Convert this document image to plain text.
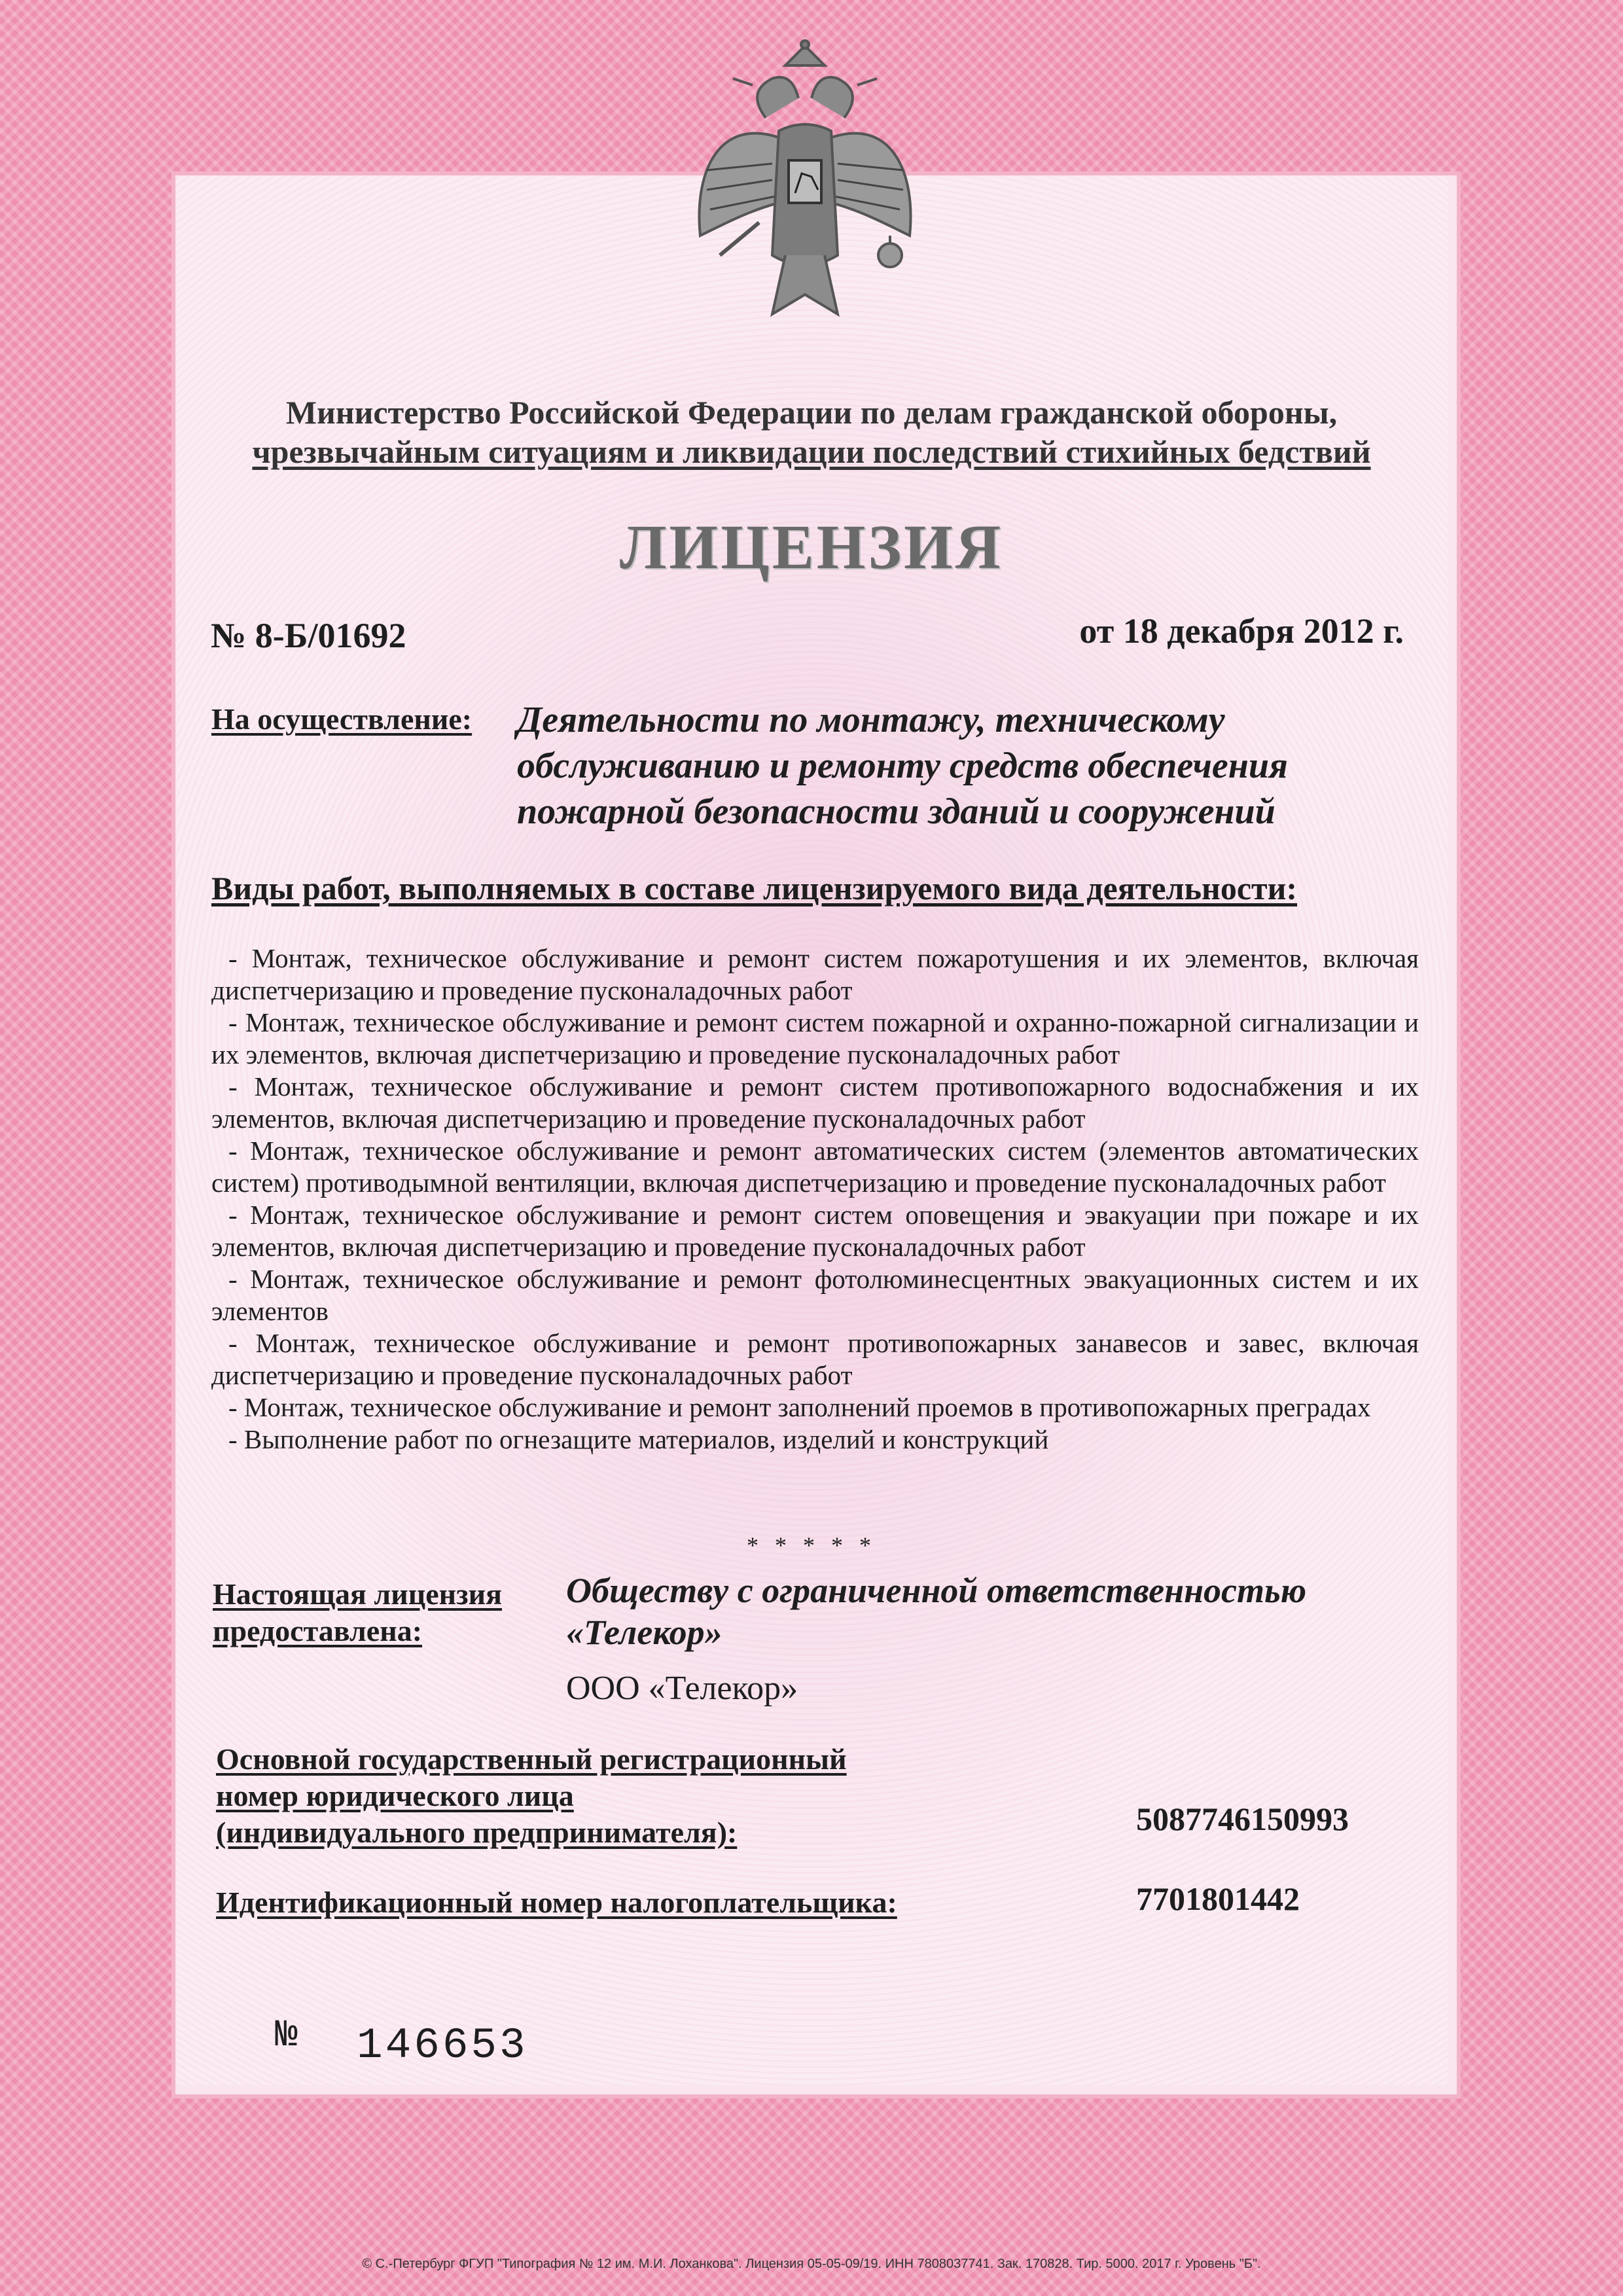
Министерство Российской Федерации по делам гражданской обороны,
чрезвычайным ситуациям и ликвидации последствий стихийных бедствий
ЛИЦЕНЗИЯ
№ 8-Б/01692	от 18 декабря 2012 г.
На осуществление: Деятельности по монтажу, техническому
обслуживанию и ремонту средств обеспечения
пожарной безопасности зданий и сооружений
Виды работ, выполняемых в составе лицензируемого вида деятельности:

- Монтаж, техническое обслуживание и ремонт систем пожаротушения и их элементов, включая диспетчеризацию и проведение пусконаладочных работ

- Монтаж, техническое обслуживание и ремонт систем пожарной и охранно-пожарной сигнализации и их элементов, включая диспетчеризацию и проведение пусконаладочных работ

- Монтаж, техническое обслуживание и ремонт систем противопожарного водоснабжения и их элементов, включая диспетчеризацию и проведение пусконаладочных работ

- Монтаж, техническое обслуживание и ремонт автоматических систем (элементов автоматических систем) противодымной вентиляции, включая диспетчеризацию и проведение пусконаладочных работ

- Монтаж, техническое обслуживание и ремонт систем оповещения и эвакуации при пожаре и их элементов, включая диспетчеризацию и проведение пусконаладочных работ

- Монтаж, техническое обслуживание и ремонт фотолюминесцентных эвакуационных систем и их элементов

- Монтаж, техническое обслуживание и ремонт противопожарных занавесов и завес, включая диспетчеризацию и проведение пусконаладочных работ

- Монтаж, техническое обслуживание и ремонт заполнений проемов в противопожарных преградах

- Выполнение работ по огнезащите материалов, изделий и конструкций

* * * * *
Настоящая лицензия
предоставлена:
Обществу с ограниченной ответственностью
«Телекор»
ООО «Телекор»
Основной государственный регистрационный
номер юридического лица
(индивидуального предпринимателя):	5087746150993
Идентификационный номер налогоплательщика:	7701801442
№ 146653
© С.-Петербург ФГУП "Типография № 12 им. М.И. Лоханкова". Лицензия 05-05-09/19. ИНН 7808037741. Зак. 170828. Тир. 5000. 2017 г. Уровень "Б".
